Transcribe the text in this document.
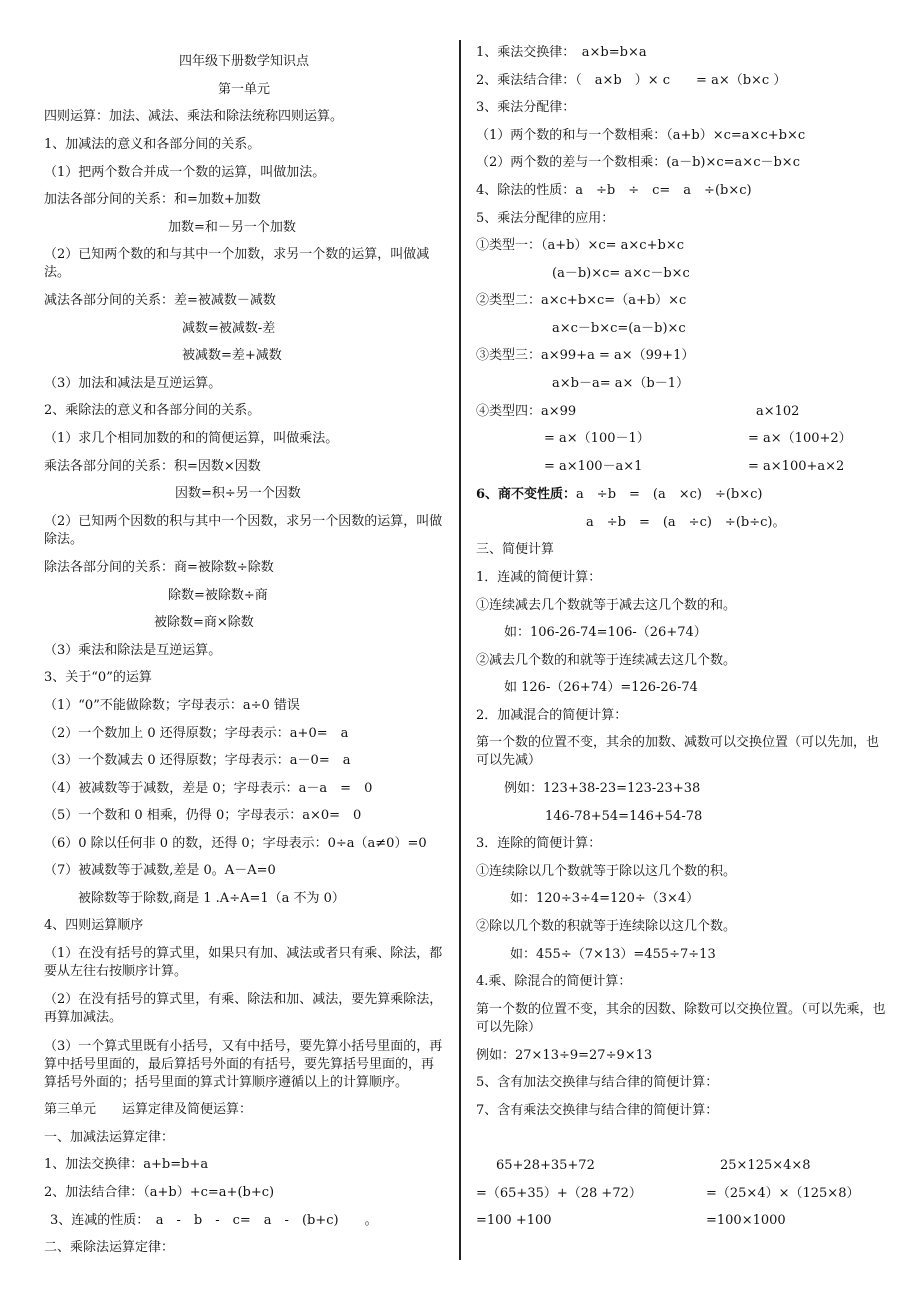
四年级下册数学知识点
第一单元
四则运算：加法、减法、乘法和除法统称四则运算。
1、加减法的意义和各部分间的关系。
（1）把两个数合并成一个数的运算，叫做加法。
加法各部分间的关系：和=加数+加数
加数=和－另一个加数
（2）已知两个数的和与其中一个加数，求另一个数的运算，叫做减法。
减法各部分间的关系：差=被减数－减数
减数=被减数-差
被减数=差+减数
（3）加法和减法是互逆运算。
2、乘除法的意义和各部分间的关系。
（1）求几个相同加数的和的简便运算，叫做乘法。
乘法各部分间的关系：积=因数×因数
因数=积÷另一个因数
（2）已知两个因数的积与其中一个因数，求另一个因数的运算，叫做除法。
除法各部分间的关系：商=被除数÷除数
除数=被除数÷商
被除数=商×除数
（3）乘法和除法是互逆运算。
3、关于“0”的运算
（1）“0”不能做除数；字母表示：a÷0 错误
（2）一个数加上 0 还得原数；字母表示：a+0=　a
（3）一个数减去 0 还得原数；字母表示：a－0=　a
（4）被减数等于减数，差是 0；字母表示：a－a　=　0
（5）一个数和 0 相乘，仍得 0；字母表示：a×0=　0
（6）0 除以任何非 0 的数，还得 0；字母表示：0÷a（a≠0）=0
（7）被减数等于减数,差是 0。A－A=0
被除数等于除数,商是 1 .A÷A=1（a 不为 0）
4、四则运算顺序
（1）在没有括号的算式里，如果只有加、减法或者只有乘、除法，都要从左往右按顺序计算。
（2）在没有括号的算式里，有乘、除法和加、减法，要先算乘除法，再算加减法。
（3）一个算式里既有小括号，又有中括号，要先算小括号里面的，再算中括号里面的，最后算括号外面的有括号，要先算括号里面的，再算括号外面的；括号里面的算式计算顺序遵循以上的计算顺序。
第三单元　　运算定律及简便运算：
一、加减法运算定律：
1、加法交换律：a+b=b+a
2、加法结合律：（a+b）+c=a+(b+c)
3、连减的性质：　a　-　b　-　c=　a　-　(b+c)　　。
二、乘除法运算定律：
1、乘法交换律：　a×b=b×a
2、乘法结合律：（　a×b　）× c　　= a×（b×c ）
3、乘法分配律：
（1）两个数的和与一个数相乘：（a+b）×c=a×c+b×c
（2）两个数的差与一个数相乘：(a－b)×c=a×c－b×c
4、除法的性质：a　÷b　÷　c=　a　÷(b×c)
5、乘法分配律的应用：
①类型一：（a+b）×c= a×c+b×c
(a－b)×c= a×c－b×c
②类型二：a×c+b×c=（a+b）×c
a×c－b×c=(a－b)×c
③类型三：a×99+a = a×（99+1）
a×b－a= a×（b－1）
④类型四：a×99
= a×（100－1）
= a×100－a×1
a×102
= a×（100+2）
= a×100+a×2
6、商不变性质：a　÷b　=　(a　×c)　÷(b×c)
a　÷b　=　(a　÷c)　÷(b÷c)。
三、简便计算
1．连减的简便计算：
①连续减去几个数就等于减去这几个数的和。
如：106-26-74=106-（26+74）
②减去几个数的和就等于连续减去这几个数。
如 126-（26+74）=126-26-74
2．加减混合的简便计算：
第一个数的位置不变，其余的加数、减数可以交换位置（可以先加，也可以先减）
例如：123+38-23=123-23+38
146-78+54=146+54-78
3．连除的简便计算：
①连续除以几个数就等于除以这几个数的积。
如：120÷3÷4=120÷（3×4）
②除以几个数的积就等于连续除以这几个数。
如：455÷（7×13）=455÷7÷13
4.乘、除混合的简便计算：
第一个数的位置不变，其余的因数、除数可以交换位置。（可以先乘，也可以先除）
例如：27×13÷9=27÷9×13
5、含有加法交换律与结合律的简便计算：
7、含有乘法交换律与结合律的简便计算：
65+28+35+72
=（65+35）+（28 +72）
=100 +100
25×125×4×8
=（25×4）×（125×8）
=100×1000
